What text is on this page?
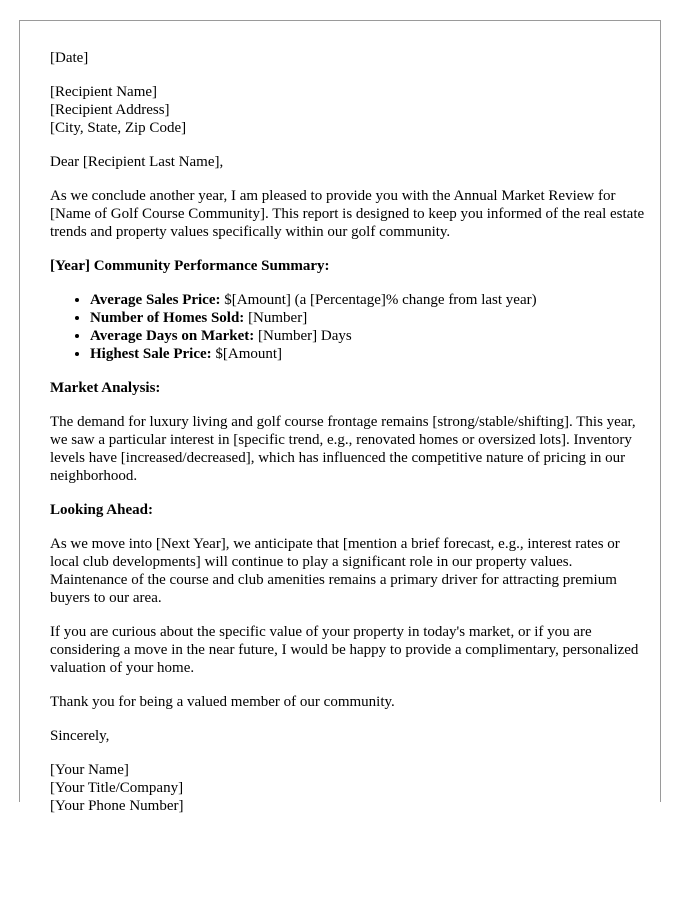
[Date]

[Recipient Name]

[Recipient Address]

[City, State, Zip Code]

Dear [Recipient Last Name],

As we conclude another year, I am pleased to provide you with the Annual Market Review for [Name of Golf Course Community]. This report is designed to keep you informed of the real estate trends and property values specifically within our golf community.

[Year] Community Performance Summary:

• Average Sales Price: $[Amount] (a [Percentage]% change from last year)
• Number of Homes Sold: [Number]
• Average Days on Market: [Number] Days
• Highest Sale Price: $[Amount]

Market Analysis:

The demand for luxury living and golf course frontage remains [strong/stable/shifting]. This year, we saw a particular interest in [specific trend, e.g., renovated homes or oversized lots]. Inventory levels have [increased/decreased], which has influenced the competitive nature of pricing in our neighborhood.

Looking Ahead:

As we move into [Next Year], we anticipate that [mention a brief forecast, e.g., interest rates or local club developments] will continue to play a significant role in our property values. Maintenance of the course and club amenities remains a primary driver for attracting premium buyers to our area.

If you are curious about the specific value of your property in today's market, or if you are considering a move in the near future, I would be happy to provide a complimentary, personalized valuation of your home.

Thank you for being a valued member of our community.

Sincerely,

[Your Name]

[Your Title/Company]

[Your Phone Number]
